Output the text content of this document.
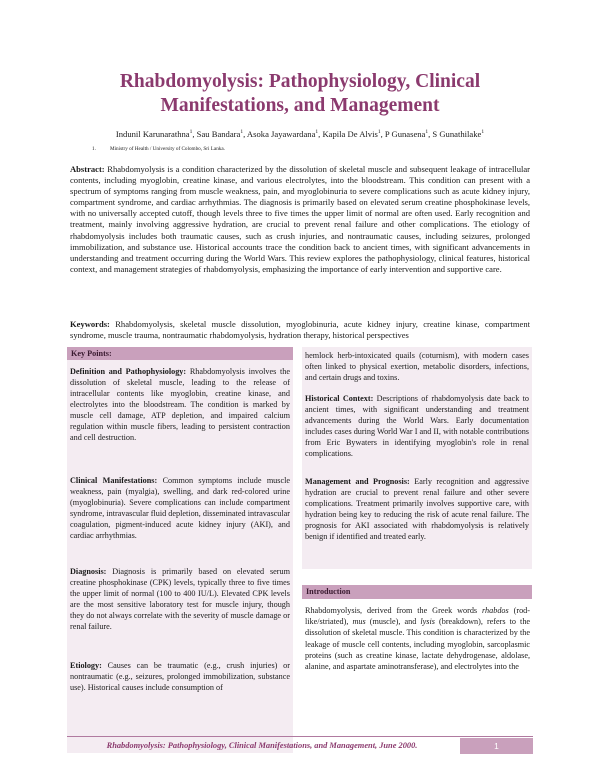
Rhabdomyolysis: Pathophysiology, Clinical Manifestations, and Management
Indunil Karunarathna$^1$, Sau Bandara$^1$, Asoka Jayawardana$^1$, Kapila De Alvis$^1$, P Gunasena$^1$, S Gunathilake$^1$
1.	Ministry of Health / University of Colombo, Sri Lanka.
Abstract: Rhabdomyolysis is a condition characterized by the dissolution of skeletal muscle and subsequent leakage of intracellular contents, including myoglobin, creatine kinase, and various electrolytes, into the bloodstream. This condition can present with a spectrum of symptoms ranging from muscle weakness, pain, and myoglobinuria to severe complications such as acute kidney injury, compartment syndrome, and cardiac arrhythmias. The diagnosis is primarily based on elevated serum creatine phosphokinase levels, with no universally accepted cutoff, though levels three to five times the upper limit of normal are often used. Early recognition and treatment, mainly involving aggressive hydration, are crucial to prevent renal failure and other complications. The etiology of rhabdomyolysis includes both traumatic causes, such as crush injuries, and nontraumatic causes, including seizures, prolonged immobilization, and substance use. Historical accounts trace the condition back to ancient times, with significant advancements in understanding and treatment occurring during the World Wars. This review explores the pathophysiology, clinical features, historical context, and management strategies of rhabdomyolysis, emphasizing the importance of early intervention and supportive care.
Keywords: Rhabdomyolysis, skeletal muscle dissolution, myoglobinuria, acute kidney injury, creatine kinase, compartment syndrome, muscle trauma, nontraumatic rhabdomyolysis, hydration therapy, historical perspectives
Key Points:
Definition and Pathophysiology: Rhabdomyolysis involves the dissolution of skeletal muscle, leading to the release of intracellular contents like myoglobin, creatine kinase, and electrolytes into the bloodstream. The condition is marked by muscle cell damage, ATP depletion, and impaired calcium regulation within muscle fibers, leading to persistent contraction and cell destruction.
Clinical Manifestations: Common symptoms include muscle weakness, pain (myalgia), swelling, and dark red-colored urine (myoglobinuria). Severe complications can include compartment syndrome, intravascular fluid depletion, disseminated intravascular coagulation, pigment-induced acute kidney injury (AKI), and cardiac arrhythmias.
Diagnosis: Diagnosis is primarily based on elevated serum creatine phosphokinase (CPK) levels, typically three to five times the upper limit of normal (100 to 400 IU/L). Elevated CPK levels are the most sensitive laboratory test for muscle injury, though they do not always correlate with the severity of muscle damage or renal failure.
Etiology: Causes can be traumatic (e.g., crush injuries) or nontraumatic (e.g., seizures, prolonged immobilization, substance use). Historical causes include consumption of
hemlock herb-intoxicated quails (coturnism), with modern cases often linked to physical exertion, metabolic disorders, infections, and certain drugs and toxins.
Historical Context: Descriptions of rhabdomyolysis date back to ancient times, with significant understanding and treatment advancements during the World Wars. Early documentation includes cases during World War I and II, with notable contributions from Eric Bywaters in identifying myoglobin's role in renal complications.
Management and Prognosis: Early recognition and aggressive hydration are crucial to prevent renal failure and other severe complications. Treatment primarily involves supportive care, with hydration being key to reducing the risk of acute renal failure. The prognosis for AKI associated with rhabdomyolysis is relatively benign if identified and treated early.
Introduction
Rhabdomyolysis, derived from the Greek words rhabdos (rod-like/striated), mus (muscle), and lysis (breakdown), refers to the dissolution of skeletal muscle. This condition is characterized by the leakage of muscle cell contents, including myoglobin, sarcoplasmic proteins (such as creatine kinase, lactate dehydrogenase, aldolase, alanine, and aspartate aminotransferase), and electrolytes into the
Rhabdomyolysis: Pathophysiology, Clinical Manifestations, and Management, June 2000.	1
